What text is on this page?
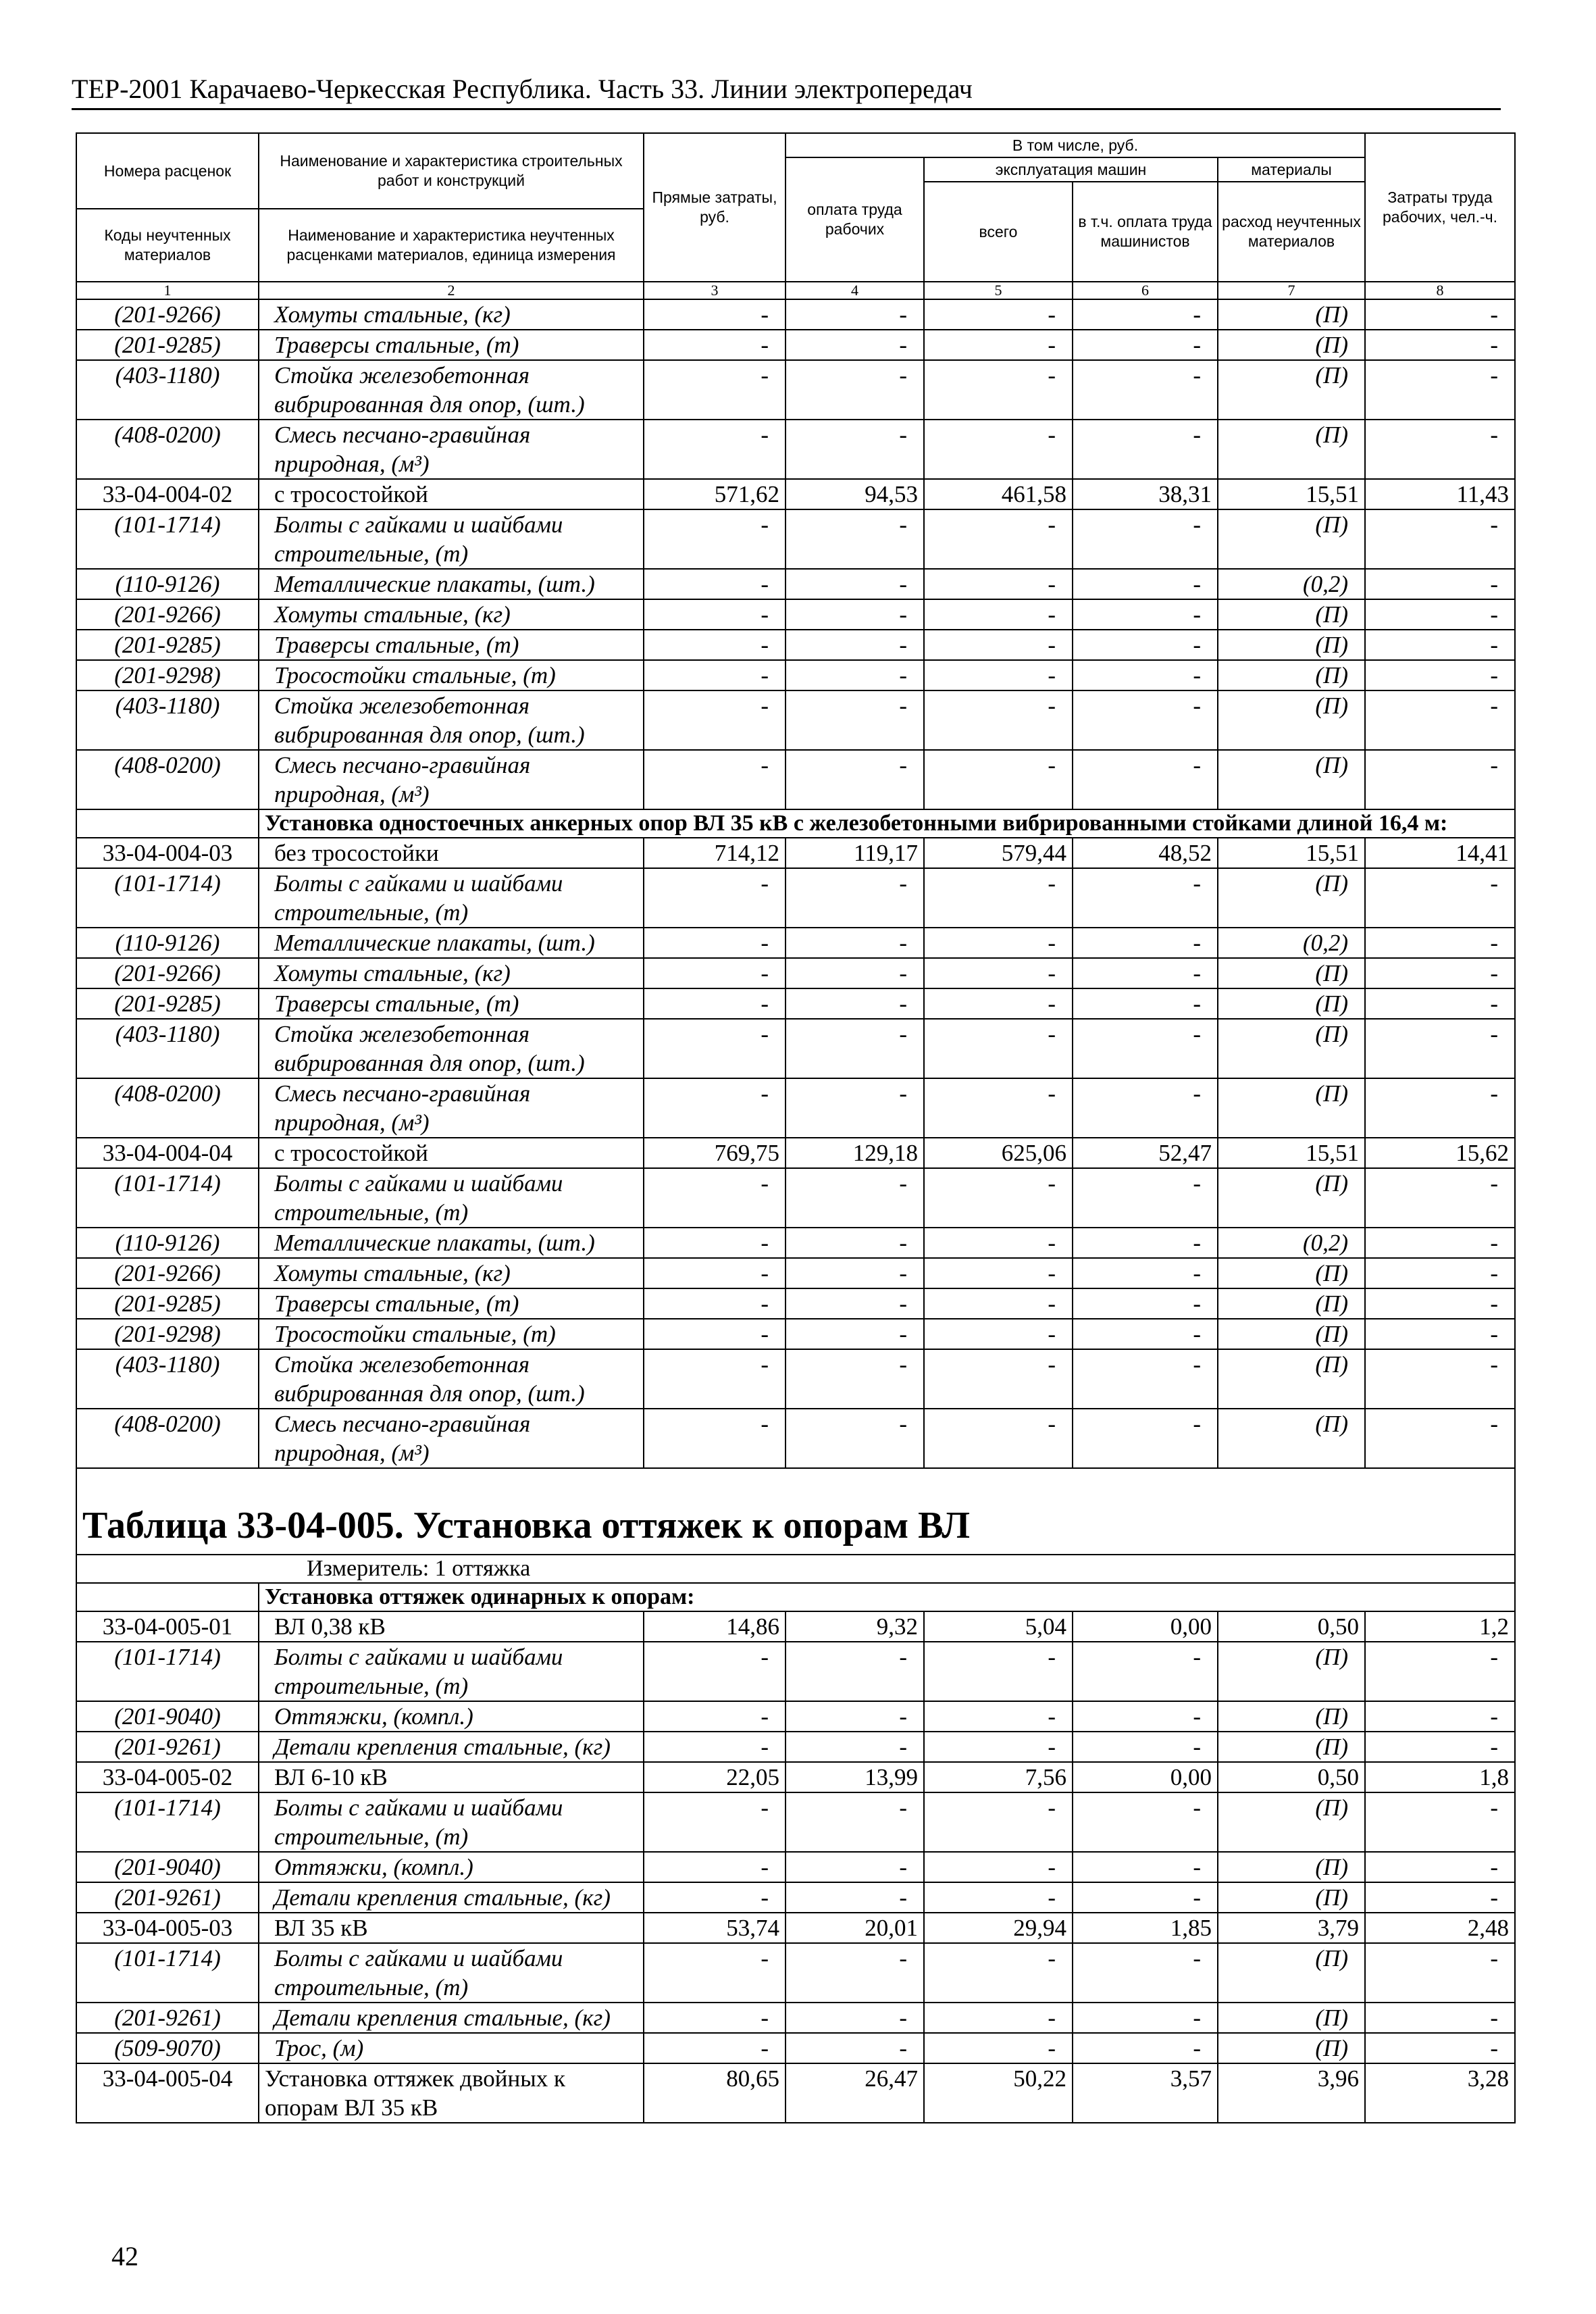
ТЕР-2001 Карачаево-Черкесская Республика. Часть 33. Линии электропередач
Номера расценок	Наименование и характеристика строительных работ и конструкций	Прямые затраты, руб.	В том числе, руб.				Затраты труда рабочих, чел.-ч.
			оплата труда рабочих	эксплуатация машин		материалы	
				всего	в т.ч. оплата труда машинистов	расход неучтенных материалов	
Коды неучтенных материалов	Наименование и характеристика неучтенных расценками материалов, единица измерения						

1	2	3	4	5	6	7	8
(201-9266)	Хомуты стальные, (кг)	-	-	-	-	(П)	-
(201-9285)	Траверсы стальные, (т)	-	-	-	-	(П)	-
(403-1180)	Стойка железобетонная вибрированная для опор, (шт.)	-	-	-	-	(П)	-
(408-0200)	Смесь песчано-гравийная природная, (м³)	-	-	-	-	(П)	-
33-04-004-02	с тросостойкой	571,62	94,53	461,58	38,31	15,51	11,43
(101-1714)	Болты с гайками и шайбами строительные, (т)	-	-	-	-	(П)	-
(110-9126)	Металлические плакаты, (шт.)	-	-	-	-	(0,2)	-
(201-9266)	Хомуты стальные, (кг)	-	-	-	-	(П)	-
(201-9285)	Траверсы стальные, (т)	-	-	-	-	(П)	-
(201-9298)	Тросостойки стальные, (т)	-	-	-	-	(П)	-
(403-1180)	Стойка железобетонная вибрированная для опор, (шт.)	-	-	-	-	(П)	-
(408-0200)	Смесь песчано-гравийная природная, (м³)	-	-	-	-	(П)	-
	Установка одностоечных анкерных опор ВЛ 35 кВ с железобетонными вибрированными стойками длиной 16,4 м:						
33-04-004-03	без тросостойки	714,12	119,17	579,44	48,52	15,51	14,41
(101-1714)	Болты с гайками и шайбами строительные, (т)	-	-	-	-	(П)	-
(110-9126)	Металлические плакаты, (шт.)	-	-	-	-	(0,2)	-
(201-9266)	Хомуты стальные, (кг)	-	-	-	-	(П)	-
(201-9285)	Траверсы стальные, (т)	-	-	-	-	(П)	-
(403-1180)	Стойка железобетонная вибрированная для опор, (шт.)	-	-	-	-	(П)	-
(408-0200)	Смесь песчано-гравийная природная, (м³)	-	-	-	-	(П)	-
33-04-004-04	с тросостойкой	769,75	129,18	625,06	52,47	15,51	15,62
(101-1714)	Болты с гайками и шайбами строительные, (т)	-	-	-	-	(П)	-
(110-9126)	Металлические плакаты, (шт.)	-	-	-	-	(0,2)	-
(201-9266)	Хомуты стальные, (кг)	-	-	-	-	(П)	-
(201-9285)	Траверсы стальные, (т)	-	-	-	-	(П)	-
(201-9298)	Тросостойки стальные, (т)	-	-	-	-	(П)	-
(403-1180)	Стойка железобетонная вибрированная для опор, (шт.)	-	-	-	-	(П)	-
(408-0200)	Смесь песчано-гравийная природная, (м³)	-	-	-	-	(П)	-
Таблица 33-04-005. Установка оттяжек к опорам ВЛ							
Измеритель: 1 оттяжка							
	Установка оттяжек одинарных к опорам:						
33-04-005-01	ВЛ 0,38 кВ	14,86	9,32	5,04	0,00	0,50	1,2
(101-1714)	Болты с гайками и шайбами строительные, (т)	-	-	-	-	(П)	-
(201-9040)	Оттяжки, (компл.)	-	-	-	-	(П)	-
(201-9261)	Детали крепления стальные, (кг)	-	-	-	-	(П)	-
33-04-005-02	ВЛ 6-10 кВ	22,05	13,99	7,56	0,00	0,50	1,8
(101-1714)	Болты с гайками и шайбами строительные, (т)	-	-	-	-	(П)	-
(201-9040)	Оттяжки, (компл.)	-	-	-	-	(П)	-
(201-9261)	Детали крепления стальные, (кг)	-	-	-	-	(П)	-
33-04-005-03	ВЛ 35 кВ	53,74	20,01	29,94	1,85	3,79	2,48
(101-1714)	Болты с гайками и шайбами строительные, (т)	-	-	-	-	(П)	-
(201-9261)	Детали крепления стальные, (кг)	-	-	-	-	(П)	-
(509-9070)	Трос, (м)	-	-	-	-	(П)	-
33-04-005-04	Установка оттяжек двойных к опорам ВЛ 35 кВ	80,65	26,47	50,22	3,57	3,96	3,28
42
